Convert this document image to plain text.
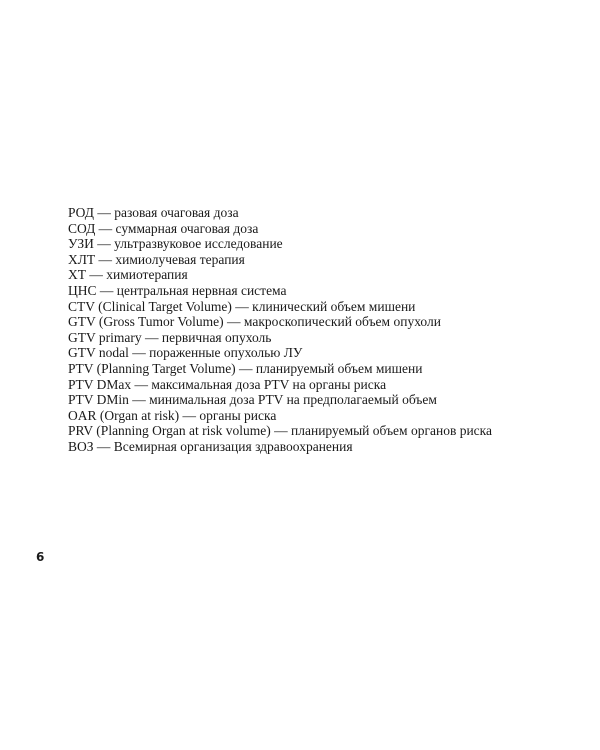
РОД — разовая очаговая доза
СОД — суммарная очаговая доза
УЗИ — ультразвуковое исследование
ХЛТ — химиолучевая терапия
ХТ — химиотерапия
ЦНС — центральная нервная система
CTV (Clinical Target Volume) — клинический объем мишени
GTV (Gross Tumor Volume) — макроскопический объем опухоли
GTV primary — первичная опухоль
GTV nodal — пораженные опухолью ЛУ
PTV (Planning Target Volume) — планируемый объем мишени
PTV DMax — максимальная доза PTV на органы риска
PTV DMin — минимальная доза PTV на предполагаемый объем
OAR (Organ at risk) — органы риска
PRV (Planning Organ at risk volume) — планируемый объем органов риска
ВОЗ — Всемирная организация здравоохранения
6
